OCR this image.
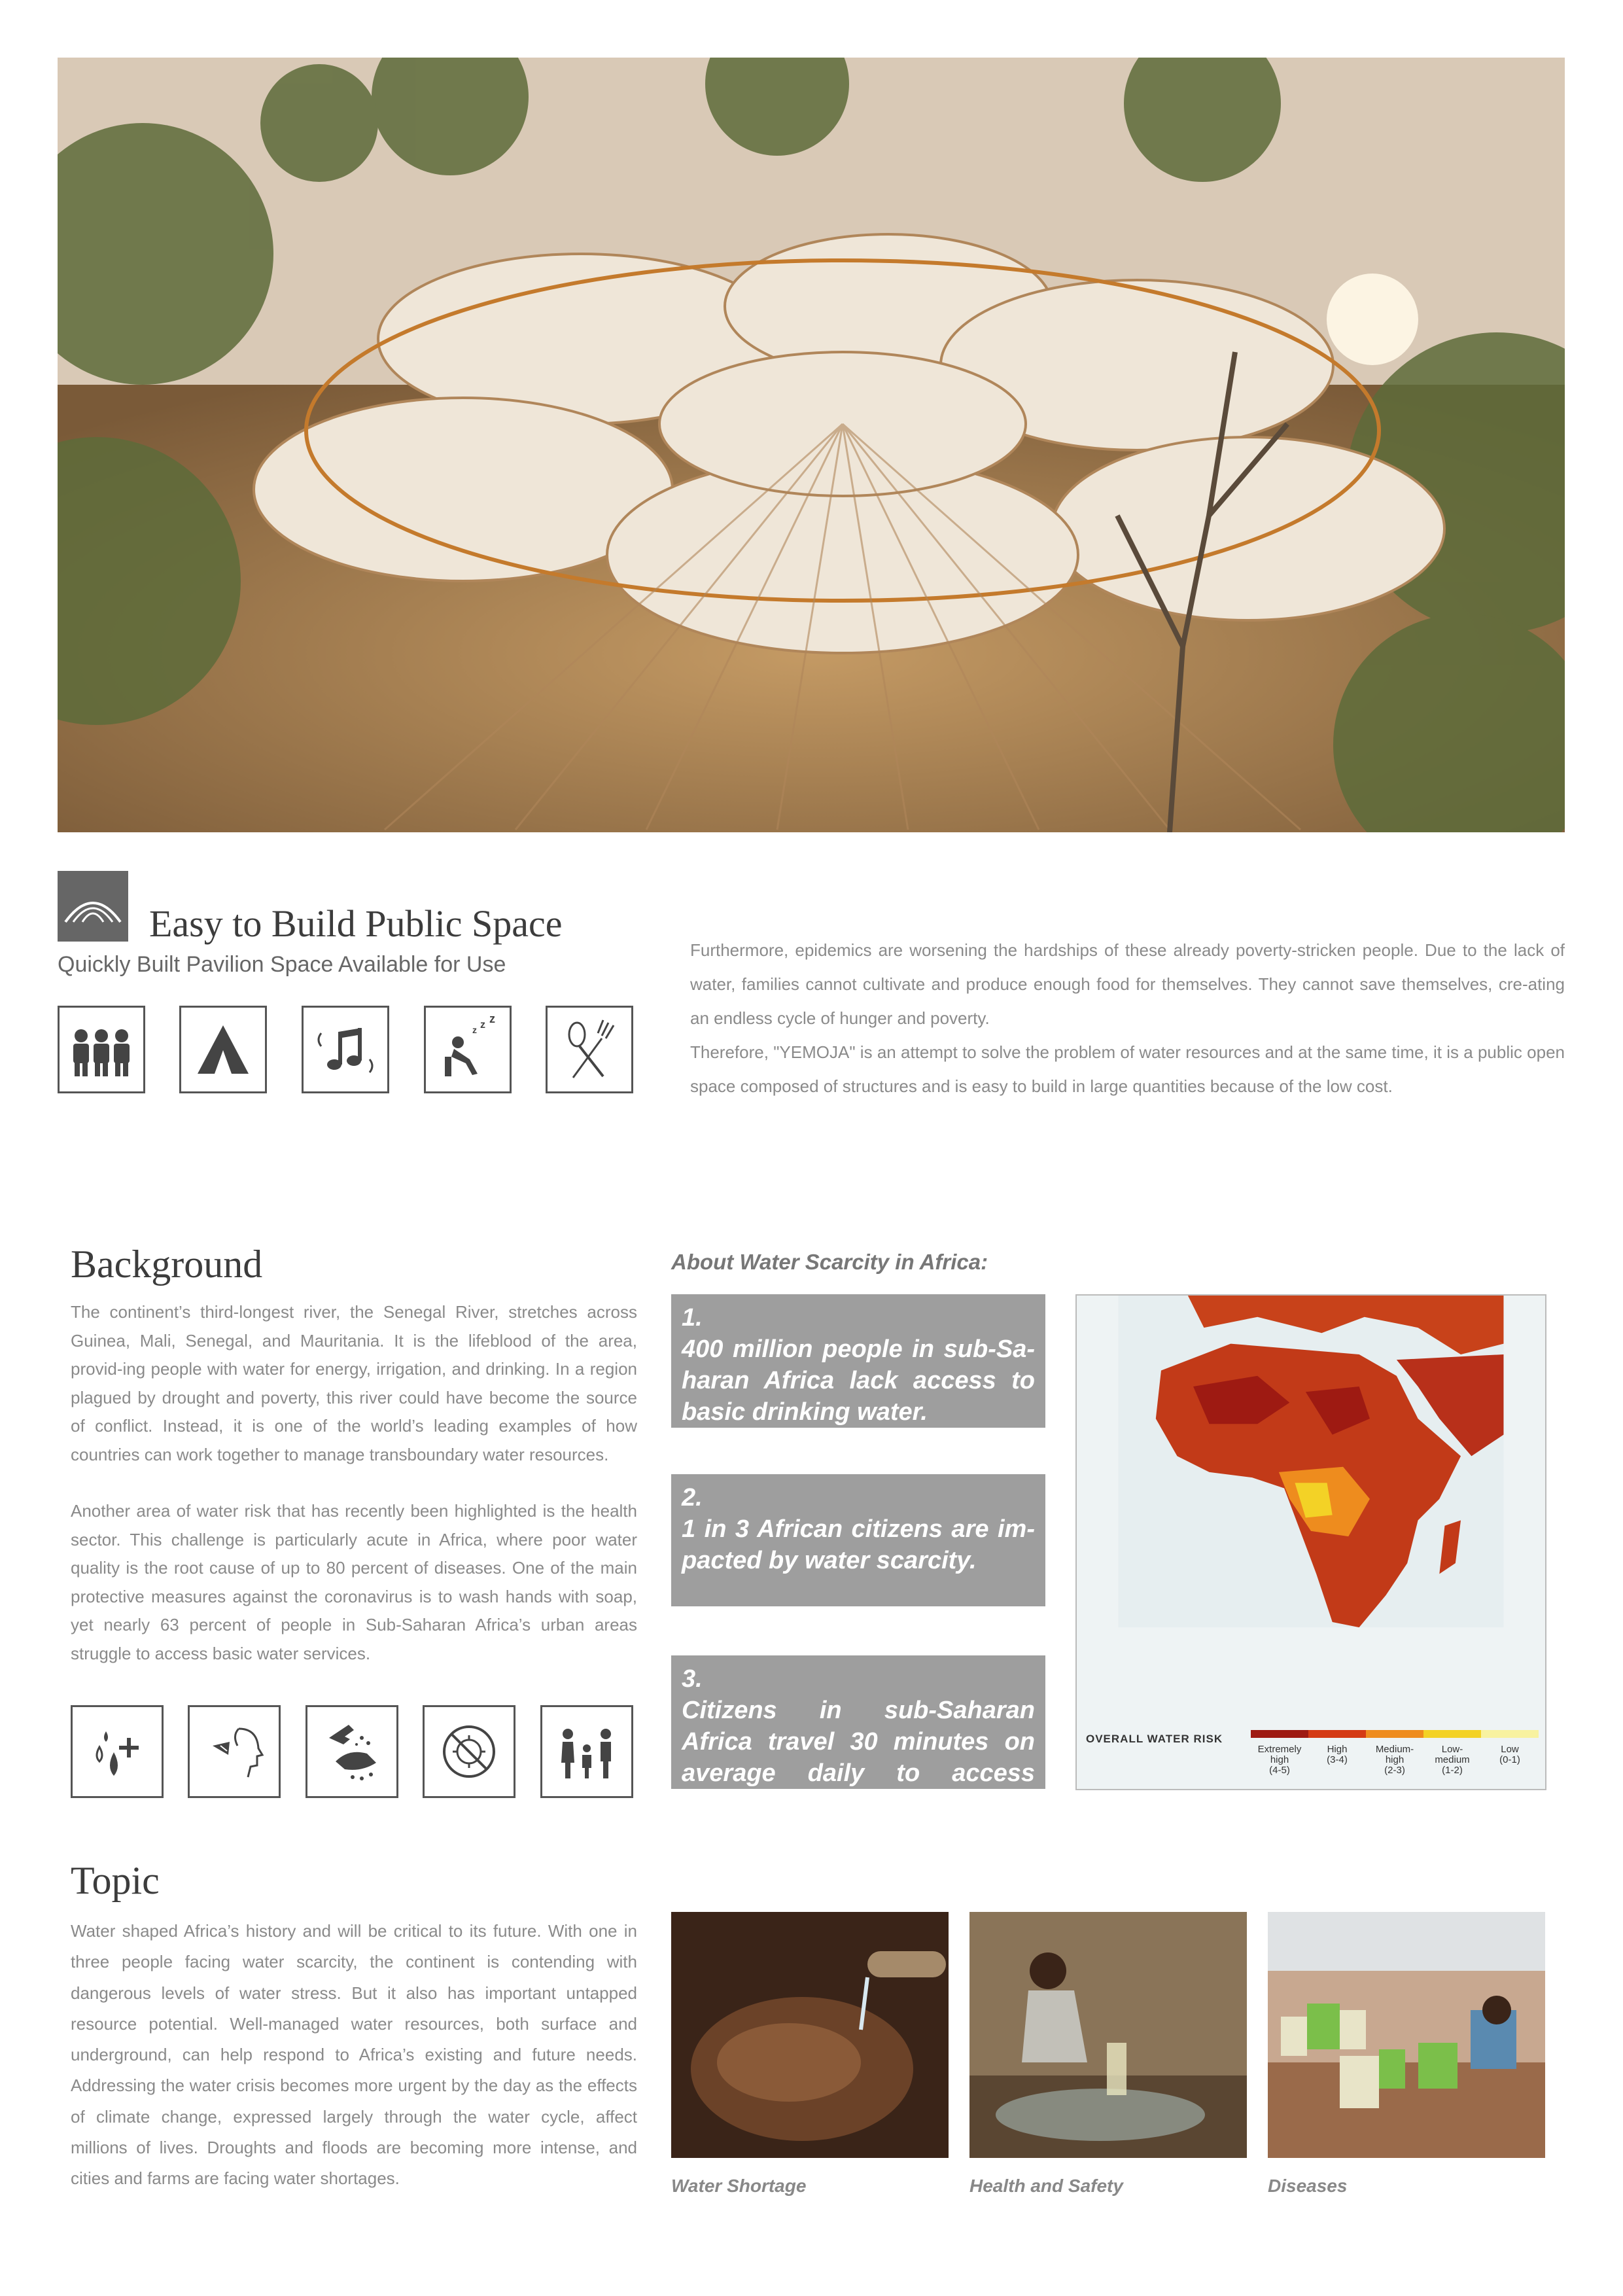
Easy to Build Public Space
Quickly Built Pavilion Space Available for Use
z z z

Furthermore, epidemics are worsening the hardships of these already poverty-stricken people. Due to the lack of water, families cannot cultivate and produce enough food for themselves. They cannot save themselves, cre-ating an endless cycle of hunger and poverty.

Therefore, "YEMOJA" is an attempt to solve the problem of water resources and at the same time, it is a public open space composed of structures and is easy to build in large quantities because of the low cost.

Background

The continent’s third-longest river, the Senegal River, stretches across Guinea, Mali, Senegal, and Mauritania. It is the lifeblood of the area, provid-ing people with water for energy, irrigation, and drinking. In a region plagued by drought and poverty, this river could have become the source of conflict. Instead, it is one of the world’s leading examples of how countries can work together to manage transboundary water resources.

Another area of water risk that has recently been highlighted is the health sector. This challenge is particularly acute in Africa, where poor water quality is the root cause of up to 80 percent of diseases. One of the main protective measures against the coronavirus is to wash hands with soap, yet nearly 63 percent of people in Sub-Saharan Africa’s urban areas struggle to access basic water services.

About Water Scarcity in Africa:
1.
400 million people in sub-Sa-haran Africa lack access to basic drinking water.
2.
1 in 3 African citizens are im-pacted by water scarcity.
3.
Citizens in sub-Saharan Africa travel 30 minutes on average daily to access water.
OVERALL WATER RISK
Extremely
high
(4-5)
High
(3-4)
Medium-
high
(2-3)
Low-
medium
(1-2)
Low
(0-1)
Topic

Water shaped Africa’s history and will be critical to its future. With one in three people facing water scarcity, the continent is contending with dangerous levels of water stress. But it also has important untapped resource potential. Well-managed water resources, both surface and underground, can help respond to Africa’s existing and future needs. Addressing the water crisis becomes more urgent by the day as the effects of climate change, expressed largely through the water cycle, affect millions of lives. Droughts and floods are becoming more intense, and cities and farms are facing water shortages.	Water Shortage	Health and Safety	Diseases
